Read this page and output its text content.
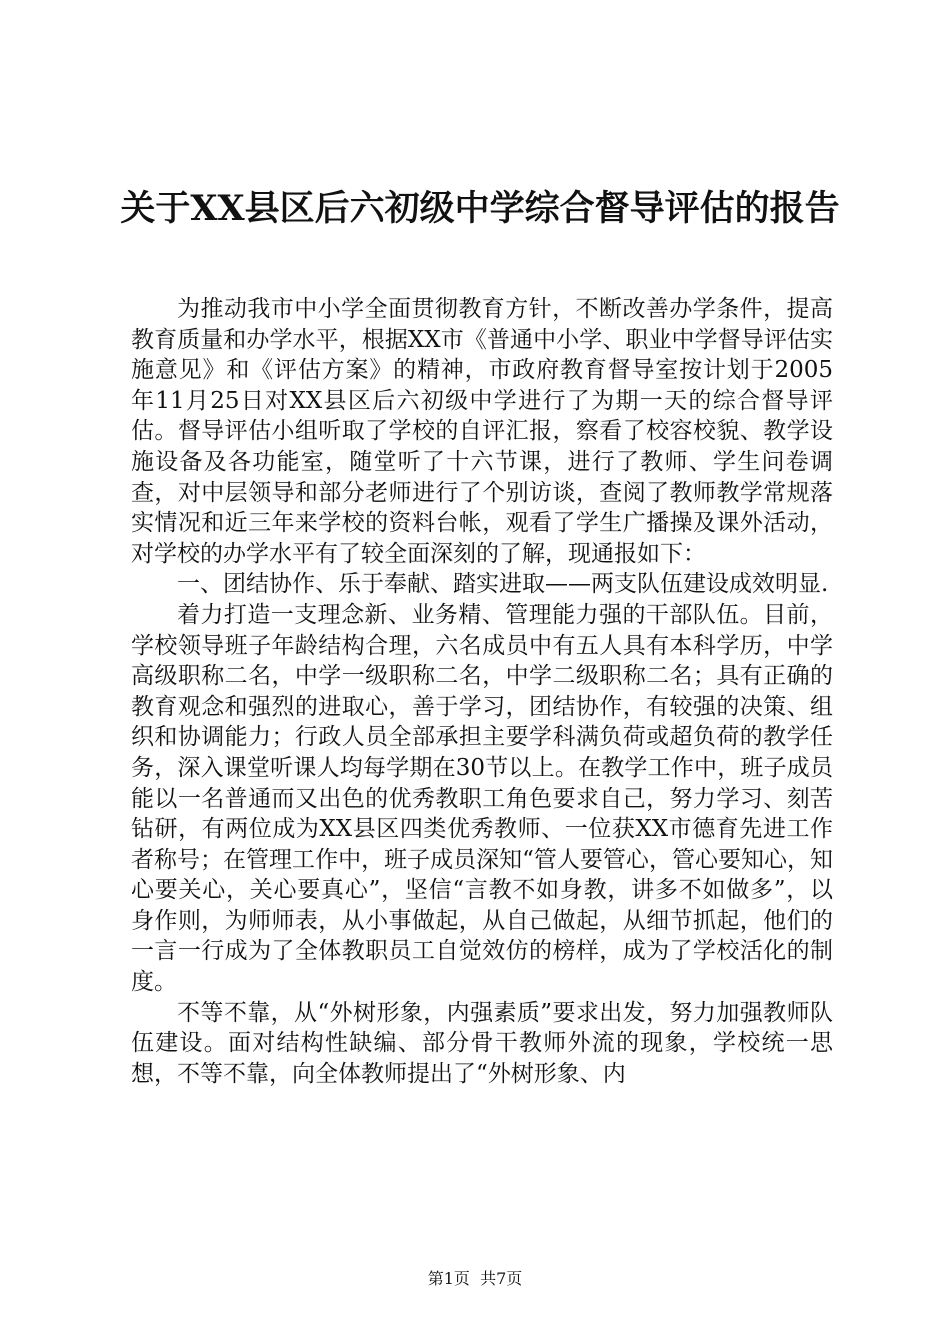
关于XX县区后六初级中学综合督导评估的报告

为推动我市中小学全面贯彻教育方针，不断改善办学条件，提高教育质量和办学水平，根据XX市《普通中小学、职业中学督导评估实施意见》和《评估方案》的精神，市政府教育督导室按计划于2005年11月25日对XX县区后六初级中学进行了为期一天的综合督导评估。督导评估小组听取了学校的自评汇报，察看了校容校貌、教学设施设备及各功能室，随堂听了十六节课，进行了教师、学生问卷调查，对中层领导和部分老师进行了个别访谈，查阅了教师教学常规落实情况和近三年来学校的资料台帐，观看了学生广播操及课外活动，对学校的办学水平有了较全面深刻的了解，现通报如下：

一、团结协作、乐于奉献、踏实进取——两支队伍建设成效明显.

着力打造一支理念新、业务精、管理能力强的干部队伍。目前，学校领导班子年龄结构合理，六名成员中有五人具有本科学历，中学高级职称二名，中学一级职称二名，中学二级职称二名；具有正确的教育观念和强烈的进取心，善于学习，团结协作，有较强的决策、组织和协调能力；行政人员全部承担主要学科满负荷或超负荷的教学任务，深入课堂听课人均每学期在30节以上。在教学工作中，班子成员能以一名普通而又出色的优秀教职工角色要求自己，努力学习、刻苦钻研，有两位成为XX县区四类优秀教师、一位获XX市德育先进工作者称号；在管理工作中，班子成员深知“管人要管心，管心要知心，知心要关心，关心要真心”，坚信“言教不如身教，讲多不如做多”，以身作则，为师师表，从小事做起，从自己做起，从细节抓起，他们的一言一行成为了全体教职员工自觉效仿的榜样，成为了学校活化的制度。

不等不靠，从“外树形象，内强素质”要求出发，努力加强教师队伍建设。面对结构性缺编、部分骨干教师外流的现象，学校统一思想，不等不靠，向全体教师提出了“外树形象、内

第1页 共7页
